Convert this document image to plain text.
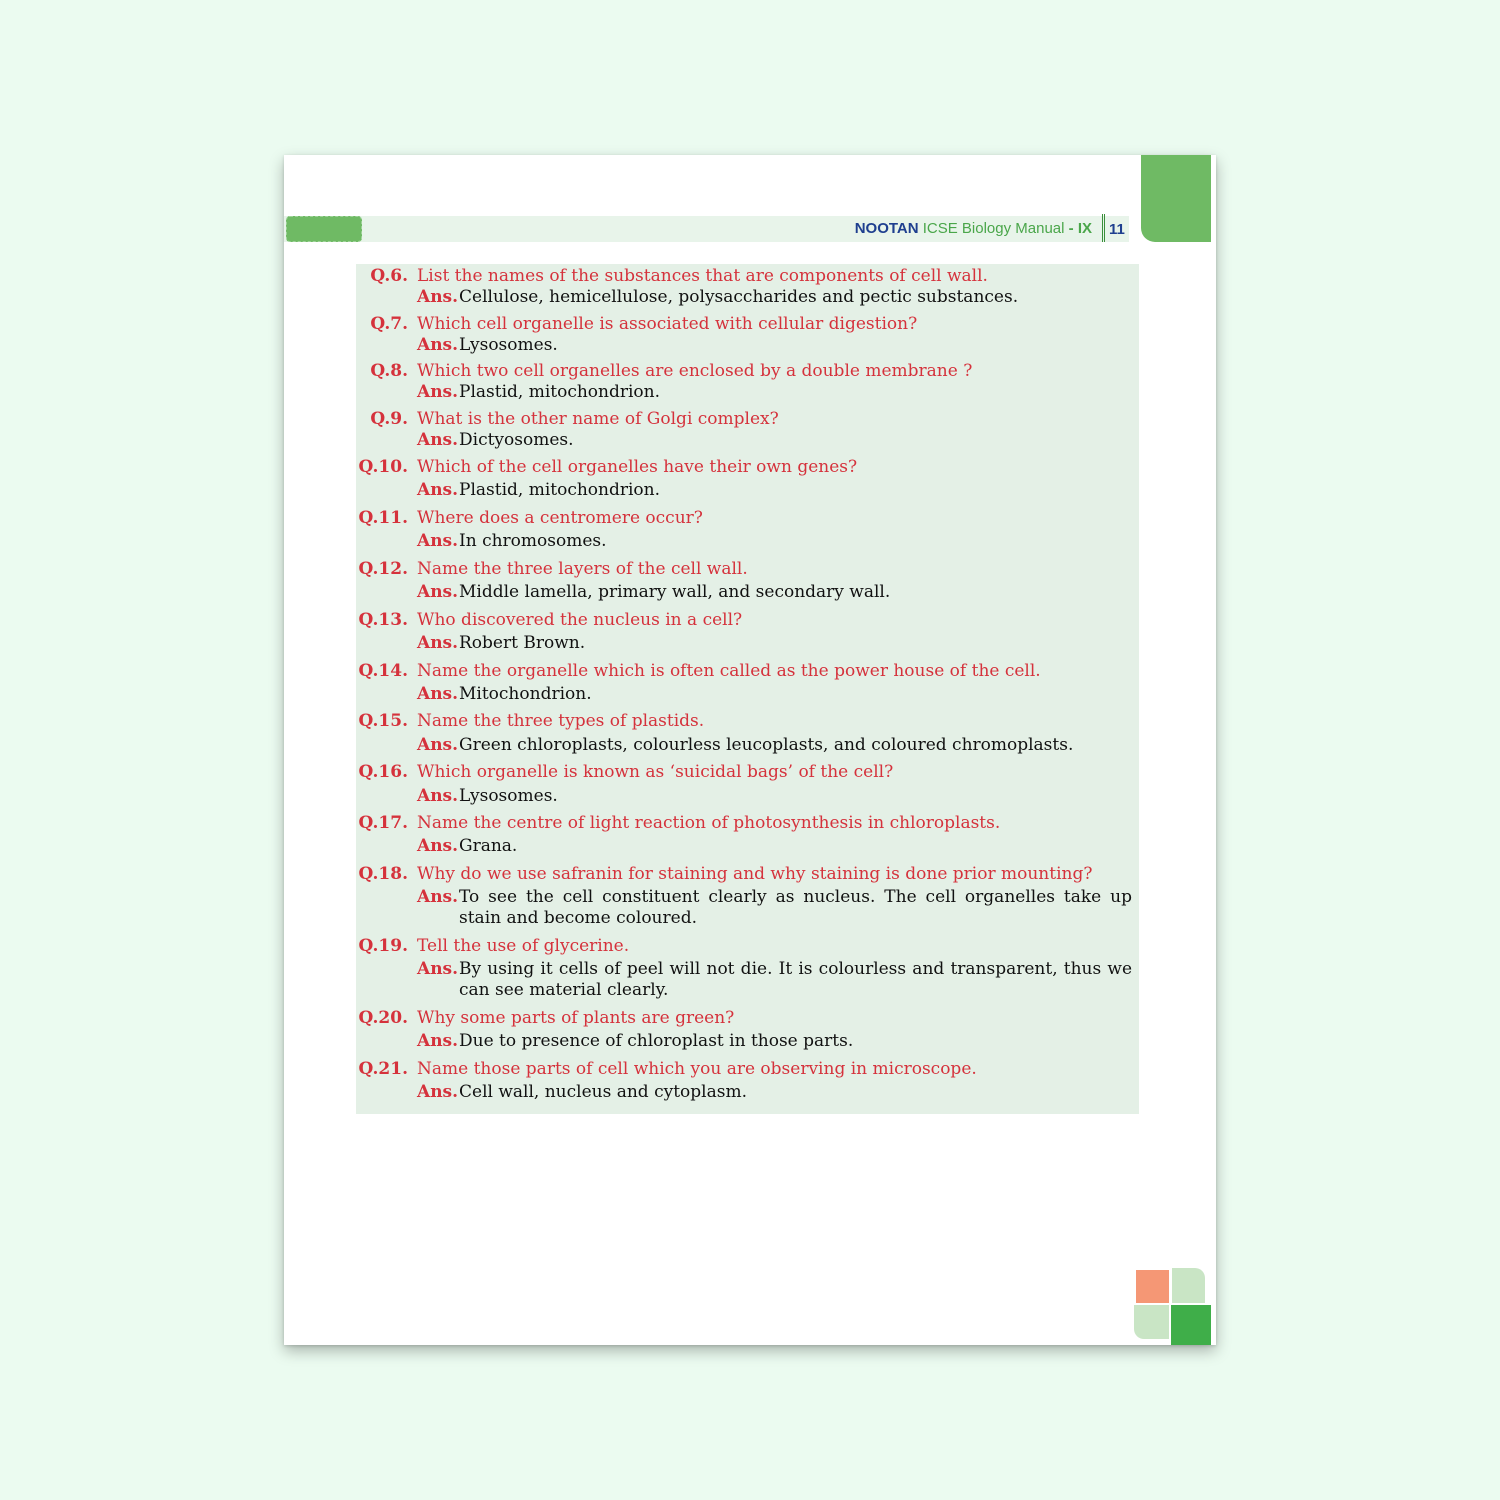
NOOTAN ICSE Biology Manual - IX 11
Q.6. List the names of the substances that are components of cell wall.
Ans. Cellulose, hemicellulose, polysaccharides and pectic substances.
Q.7. Which cell organelle is associated with cellular digestion?
Ans. Lysosomes.
Q.8. Which two cell organelles are enclosed by a double membrane ?
Ans. Plastid, mitochondrion.
Q.9. What is the other name of Golgi complex?
Ans. Dictyosomes.
Q.10. Which of the cell organelles have their own genes?
Ans. Plastid, mitochondrion.
Q.11. Where does a centromere occur?
Ans. In chromosomes.
Q.12. Name the three layers of the cell wall.
Ans. Middle lamella, primary wall, and secondary wall.
Q.13. Who discovered the nucleus in a cell?
Ans. Robert Brown.
Q.14. Name the organelle which is often called as the power house of the cell.
Ans. Mitochondrion.
Q.15. Name the three types of plastids.
Ans. Green chloroplasts, colourless leucoplasts, and coloured chromoplasts.
Q.16. Which organelle is known as ‘suicidal bags’ of the cell?
Ans. Lysosomes.
Q.17. Name the centre of light reaction of photosynthesis in chloroplasts.
Ans. Grana.
Q.18. Why do we use safranin for staining and why staining is done prior mounting?
Ans. To see the cell constituent clearly as nucleus. The cell organelles take up stain and become coloured.
Q.19. Tell the use of glycerine.
Ans. By using it cells of peel will not die. It is colourless and transparent, thus we can see material clearly.
Q.20. Why some parts of plants are green?
Ans. Due to presence of chloroplast in those parts.
Q.21. Name those parts of cell which you are observing in microscope.
Ans. Cell wall, nucleus and cytoplasm.
